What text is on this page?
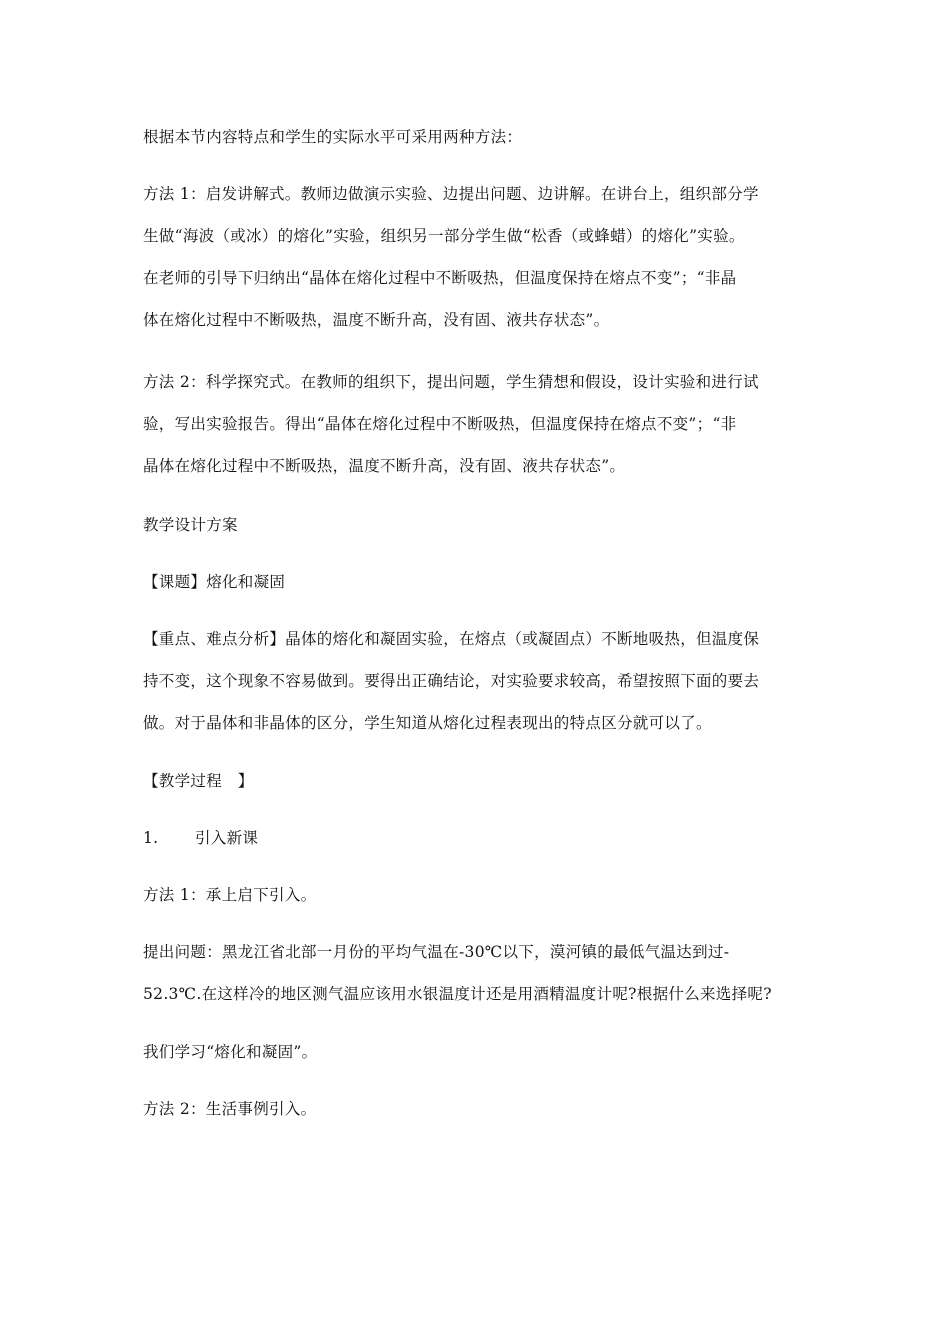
根据本节内容特点和学生的实际水平可采用两种方法：

方法 1：启发讲解式。教师边做演示实验、边提出问题、边讲解。在讲台上，组织部分学
生做“海波（或冰）的熔化”实验，组织另一部分学生做“松香（或蜂蜡）的熔化”实验。
在老师的引导下归纳出“晶体在熔化过程中不断吸热，但温度保持在熔点不变”；“非晶
体在熔化过程中不断吸热，温度不断升高，没有固、液共存状态”。

方法 2：科学探究式。在教师的组织下，提出问题，学生猜想和假设，设计实验和进行试
验，写出实验报告。得出“晶体在熔化过程中不断吸热，但温度保持在熔点不变”；“非
晶体在熔化过程中不断吸热，温度不断升高，没有固、液共存状态”。

教学设计方案

【课题】熔化和凝固

【重点、难点分析】晶体的熔化和凝固实验，在熔点（或凝固点）不断地吸热，但温度保
持不变，这个现象不容易做到。要得出正确结论，对实验要求较高，希望按照下面的要去
做。对于晶体和非晶体的区分，学生知道从熔化过程表现出的特点区分就可以了。

【教学过程　】

1. 引入新课

方法 1：承上启下引入。

提出问题：黑龙江省北部一月份的平均气温在-30℃以下，漠河镇的最低气温达到过-
52.3℃.在这样冷的地区测气温应该用水银温度计还是用酒精温度计呢?根据什么来选择呢?

我们学习“熔化和凝固”。

方法 2：生活事例引入。
